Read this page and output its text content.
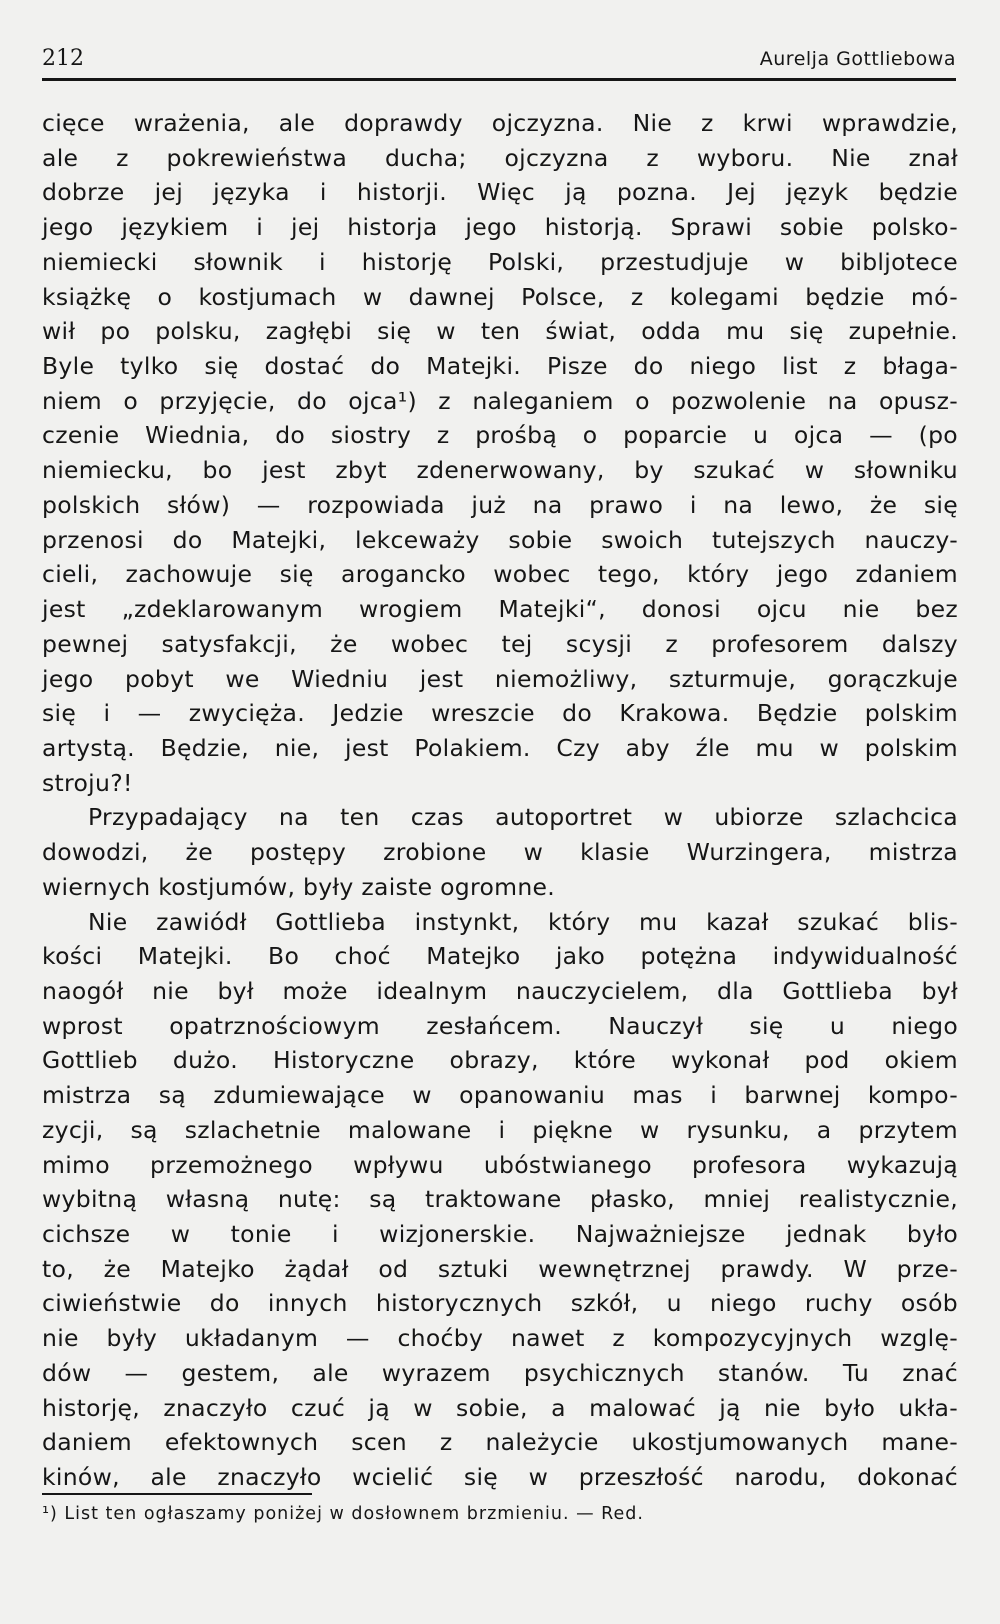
212	Aurelja Gottliebowa
cięce wrażenia, ale doprawdy ojczyzna. Nie z krwi wprawdzie,
ale z pokrewieństwa ducha; ojczyzna z wyboru. Nie znał
dobrze jej języka i historji. Więc ją pozna. Jej język będzie
jego językiem i jej historja jego historją. Sprawi sobie polsko-
niemiecki słownik i historję Polski, przestudjuje w bibljotece
książkę o kostjumach w dawnej Polsce, z kolegami będzie mó-
wił po polsku, zagłębi się w ten świat, odda mu się zupełnie.
Byle tylko się dostać do Matejki. Pisze do niego list z błaga-
niem o przyjęcie, do ojca¹) z naleganiem o pozwolenie na opusz-
czenie Wiednia, do siostry z prośbą o poparcie u ojca — (po
niemiecku, bo jest zbyt zdenerwowany, by szukać w słowniku
polskich słów) — rozpowiada już na prawo i na lewo, że się
przenosi do Matejki, lekceważy sobie swoich tutejszych nauczy-
cieli, zachowuje się arogancko wobec tego, który jego zdaniem
jest „zdeklarowanym wrogiem Matejki“, donosi ojcu nie bez
pewnej satysfakcji, że wobec tej scysji z profesorem dalszy
jego pobyt we Wiedniu jest niemożliwy, szturmuje, gorączkuje
się i — zwycięża. Jedzie wreszcie do Krakowa. Będzie polskim
artystą. Będzie, nie, jest Polakiem. Czy aby źle mu w polskim
stroju?!
Przypadający na ten czas autoportret w ubiorze szlachcica
dowodzi, że postępy zrobione w klasie Wurzingera, mistrza
wiernych kostjumów, były zaiste ogromne.
Nie zawiódł Gottlieba instynkt, który mu kazał szukać blis-
kości Matejki. Bo choć Matejko jako potężna indywidualność
naogół nie był może idealnym nauczycielem, dla Gottlieba był
wprost opatrznościowym zesłańcem. Nauczył się u niego
Gottlieb dużo. Historyczne obrazy, które wykonał pod okiem
mistrza są zdumiewające w opanowaniu mas i barwnej kompo-
zycji, są szlachetnie malowane i piękne w rysunku, a przytem
mimo przemożnego wpływu ubóstwianego profesora wykazują
wybitną własną nutę: są traktowane płasko, mniej realistycznie,
cichsze w tonie i wizjonerskie. Najważniejsze jednak było
to, że Matejko żądał od sztuki wewnętrznej prawdy. W prze-
ciwieństwie do innych historycznych szkół, u niego ruchy osób
nie były układanym — choćby nawet z kompozycyjnych wzglę-
dów — gestem, ale wyrazem psychicznych stanów. Tu znać
historję, znaczyło czuć ją w sobie, a malować ją nie było ukła-
daniem efektownych scen z należycie ukostjumowanych mane-
kinów, ale znaczyło wcielić się w przeszłość narodu, dokonać
¹) List ten ogłaszamy poniżej w dosłownem brzmieniu. — Red.
